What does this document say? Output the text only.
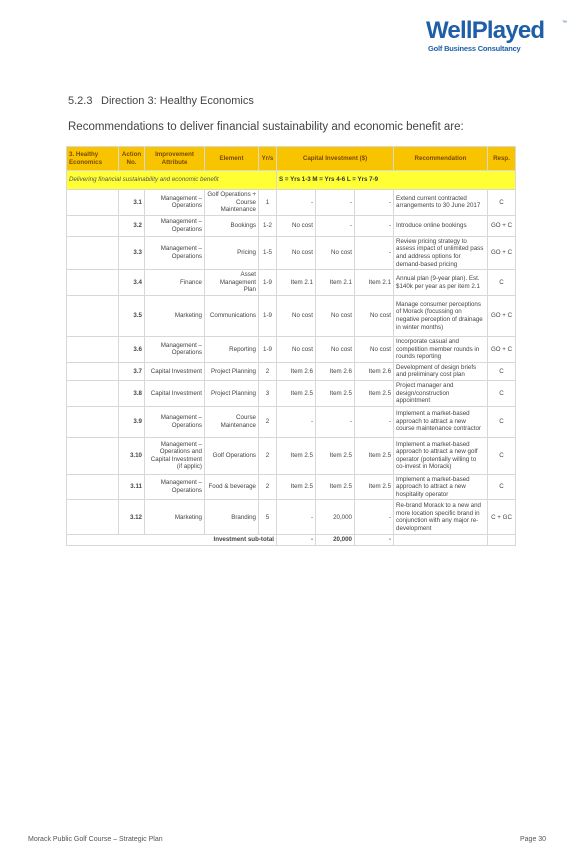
WellPlayed	™
Golf Business Consultancy
5.2.3 Direction 3: Healthy Economics
Recommendations to deliver financial sustainability and economic benefit are:
3. Healthy Economics	Action No.	Improvement Attribute	Element	Yr/s	Capital Investment ($)			Recommendation	Resp.
Delivering financial sustainability and economic benefit					S = Yrs 1-3 M = Yrs 4-6 L = Yrs 7-9				
	3.1	Management – Operations	Golf Operations + Course Maintenance	1	-	-	-	Extend current contracted arrangements to 30 June 2017	C
	3.2	Management – Operations	Bookings	1-2	No cost	-	-	Introduce online bookings	GO + C
	3.3	Management – Operations	Pricing	1-5	No cost	No cost	-	Review pricing strategy to assess impact of unlimited pass and address options for demand-based pricing	GO + C
	3.4	Finance	Asset Management Plan	1-9	Item 2.1	Item 2.1	Item 2.1	Annual plan (9-year plan). Est. $140k per year as per item 2.1	C
	3.5	Marketing	Communications	1-9	No cost	No cost	No cost	Manage consumer perceptions of Morack (focussing on negative perception of drainage in winter months)	GO + C
	3.6	Management – Operations	Reporting	1-9	No cost	No cost	No cost	Incorporate casual and competition member rounds in rounds reporting	GO + C
	3.7	Capital Investment	Project Planning	2	Item 2.6	Item 2.6	Item 2.6	Development of design briefs and preliminary cost plan	C
	3.8	Capital Investment	Project Planning	3	Item 2.5	Item 2.5	Item 2.5	Project manager and design/construction appointment	C
	3.9	Management – Operations	Course Maintenance	2	-	-	-	Implement a market-based approach to attract a new course maintenance contractor	C
	3.10	Management – Operations and Capital Investment (if applic)	Golf Operations	2	Item 2.5	Item 2.5	Item 2.5	Implement a market-based approach to attract a new golf operator (potentially willing to co-invest in Morack)	C
	3.11	Management – Operations	Food & beverage	2	Item 2.5	Item 2.5	Item 2.5	Implement a market-based approach to attract a new hospitality operator	C
	3.12	Marketing	Branding	5	-	20,000	-	Re-brand Morack to a new and more location specific brand in conjunction with any major re-development	C + GC
Investment sub-total					-	20,000	-		
Morack Public Golf Course – Strategic Plan	Page 30
